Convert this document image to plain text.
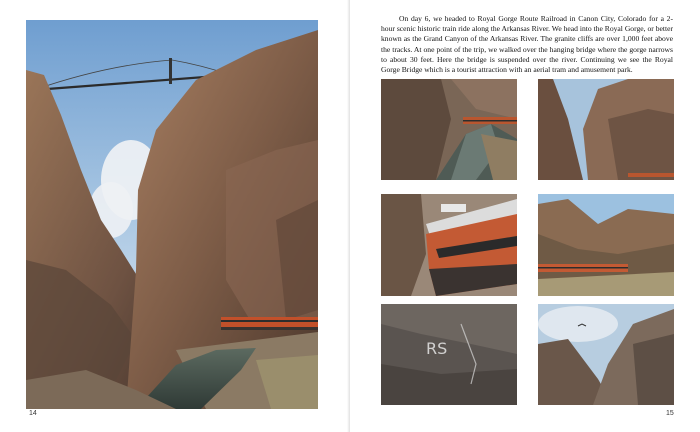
14

On day 6, we headed to Royal Gorge Route Railroad in Canon City, Colorado for a 2-hour scenic historic train ride along the Arkansas River. We head into the Royal Gorge, or better known as the Grand Canyon of the Arkansas River. The granite cliffs are over 1,000 feet above the tracks. At one point of the trip, we walked over the hanging bridge where the gorge narrows to about 30 feet. Here the bridge is suspended over the river. Continuing we see the Royal Gorge Bridge which is a tourist attraction with an aerial tram and amusement park.

RS
15
